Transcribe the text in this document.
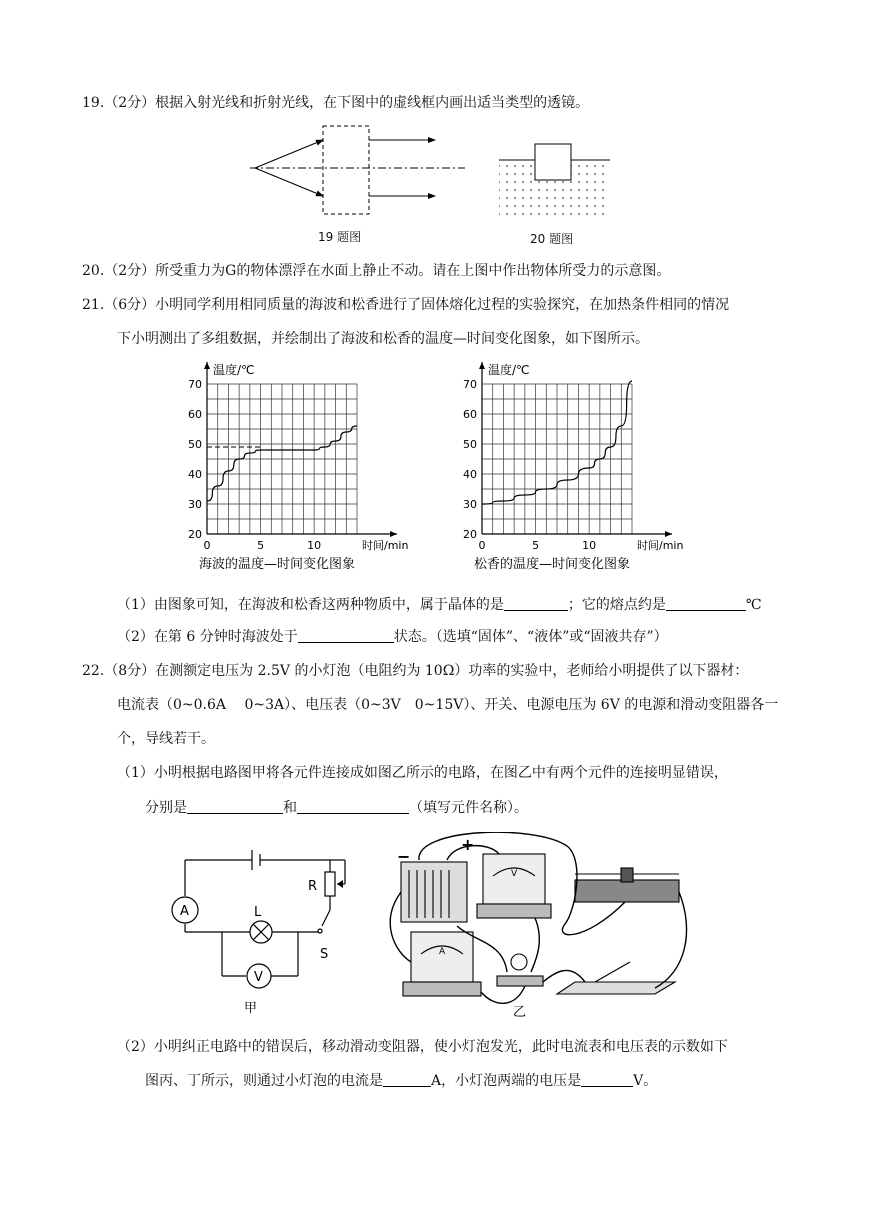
19.（2分）根据入射光线和折射光线，在下图中的虚线框内画出适当类型的透镜。
19 题图	20 题图
20.（2分）所受重力为G的物体漂浮在水面上静止不动。请在上图中作出物体所受力的示意图。
21.（6分）小明同学利用相同质量的海波和松香进行了固体熔化过程的实验探究，在加热条件相同的情况
下小明测出了多组数据，并绘制出了海波和松香的温度—时间变化图象，如下图所示。
20
30
40
50
60
70
0	5	10
温度/℃
时间/min
海波的温度—时间变化图象
20
30
40
50
60
70
0	5	10
温度/℃
时间/min
松香的温度—时间变化图象
（1）由图象可知，在海波和松香这两种物质中，属于晶体的是	；它的熔点约是	℃
（2）在第 6 分钟时海波处于	状态。（选填“固体”、“液体”或“固液共存”）
22.（8分）在测额定电压为 2.5V 的小灯泡（电阻约为 10Ω）功率的实验中，老师给小明提供了以下器材：
电流表（0~0.6A　 0~3A）、电压表（0~3V　0~15V）、开关、电源电压为 6V 的电源和滑动变阻器各一
个，导线若干。
（1）小明根据电路图甲将各元件连接成如图乙所示的电路，在图乙中有两个元件的连接明显错误，
分别是	和	（填写元件名称）。
A
V
L
R
S
甲
−
+
V
A
乙
（2）小明纠正电路中的错误后，移动滑动变阻器，使小灯泡发光，此时电流表和电压表的示数如下
图丙、丁所示，则通过小灯泡的电流是	A，小灯泡两端的电压是	V。
